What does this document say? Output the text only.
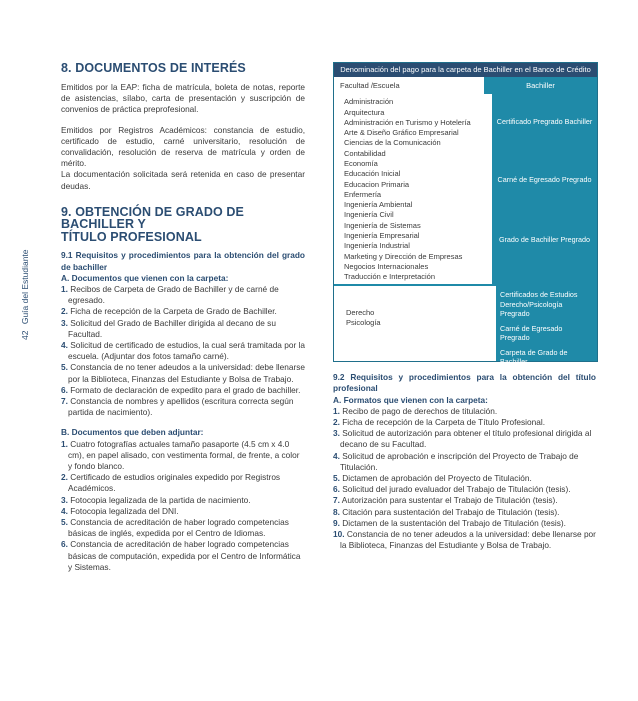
42 Guía del Estudiante
8. DOCUMENTOS DE INTERÉS

Emitidos por la EAP: ficha de matrícula, boleta de notas, reporte de asistencias, sílabo, carta de presentación y suscripción de convenios de práctica preprofesional.

Emitidos por Registros Académicos: constancia de estudio, certificado de estudio, carné universitario, resolución de convalidación, resolución de reserva de matrícula y orden de mérito.

La documentación solicitada será retenida en caso de presentar deudas.

9. OBTENCIÓN DE GRADO DE BACHILLER Y
TÍTULO PROFESIONAL

9.1 Requisitos y procedimientos para la obtención del grado de bachiller

A. Documentos que vienen con la carpeta:

1. Recibos de Carpeta de Grado de Bachiller y de carné de egresado.

2. Ficha de recepción de la Carpeta de Grado de Bachiller.

3. Solicitud del Grado de Bachiller dirigida al decano de su Facultad.

4. Solicitud de certificado de estudios, la cual será tramitada por la escuela. (Adjuntar dos fotos tamaño carné).

5. Constancia de no tener adeudos a la universidad: debe llenarse por la Biblioteca, Finanzas del Estudiante y Bolsa de Trabajo.

6. Formato de declaración de expedito para el grado de bachiller.

7. Constancia de nombres y apellidos (escritura correcta según partida de nacimiento).

B. Documentos que deben adjuntar:

1. Cuatro fotografías actuales tamaño pasaporte (4.5 cm x 4.0 cm), en papel alisado, con vestimenta formal, de frente, a color y fondo blanco.

2. Certificado de estudios originales expedido por Registros Académicos.

3. Fotocopia legalizada de la partida de nacimiento.

4. Fotocopia legalizada del DNI.

5. Constancia de acreditación de haber logrado competencias básicas de inglés, expedida por el Centro de Idiomas.

6. Constancia de acreditación de haber logrado competencias básicas de computación, expedida por el Centro de Informática y Sistemas.

Denominación del pago para la carpeta de Bachiller en el Banco de Crédito
Facultad /Escuela	Bachiller
Administración
Arquitectura
Administración en Turismo y Hotelería
Arte & Diseño Gráfico Empresarial
Ciencias de la Comunicación
Contabilidad
Economía
Educación Inicial
Educacion Primaria
Enfermería
Ingeniería Ambiental
Ingeniería Civil
Ingeniería de Sistemas
Ingeniería Empresarial
Ingeniería Industrial
Marketing y Dirección de Empresas
Negocios Internacionales
Traducción e Interpretación
Certificado Pregrado Bachiller
Carné de Egresado Pregrado
Grado de Bachiller Pregrado
Derecho
Psicología
Certificados de Estudios Derecho/Psicología Pregrado
Carné de Egresado Pregrado
Carpeta de Grado de Bachiller

9.2 Requisitos y procedimientos para la obtención del título profesional

A. Formatos que vienen con la carpeta:

1. Recibo de pago de derechos de titulación.

2. Ficha de recepción de la Carpeta de Título Profesional.

3. Solicitud de autorización para obtener el título profesional dirigida al decano de su Facultad.

4. Solicitud de aprobación e inscripción del Proyecto de Trabajo de Titulación.

5. Dictamen de aprobación del Proyecto de Titulación.

6. Solicitud del jurado evaluador del Trabajo de Titulación (tesis).

7. Autorización para sustentar el Trabajo de Titulación (tesis).

8. Citación para sustentación del Trabajo de Titulación (tesis).

9. Dictamen de la sustentación del Trabajo de Titulación (tesis).

10. Constancia de no tener adeudos a la universidad: debe llenarse por la Biblioteca, Finanzas del Estudiante y Bolsa de Trabajo.
